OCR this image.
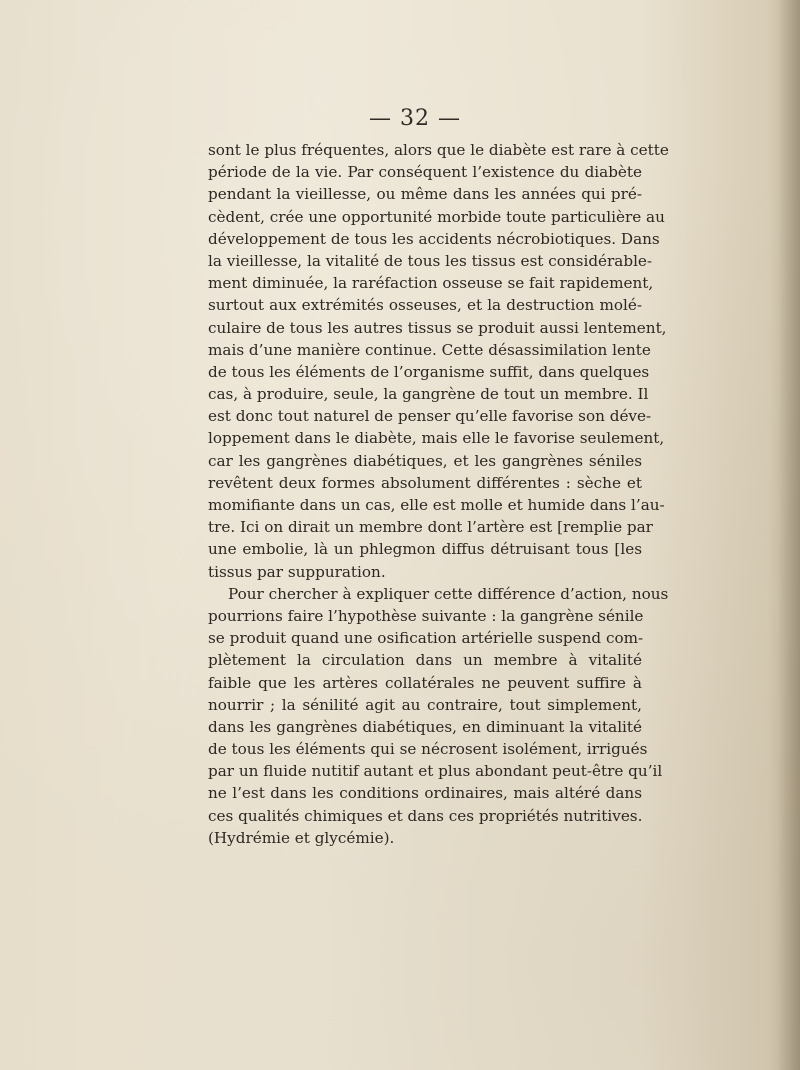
— 32 —
sont le plus fréquentes, alors que le diabète est rare à cette
période de la vie. Par conséquent l’existence du diabète
pendant la vieillesse, ou même dans les années qui pré-
cèdent, crée une opportunité morbide toute particulière au
développement de tous les accidents nécrobiotiques. Dans
la vieillesse, la vitalité de tous les tissus est considérable-
ment diminuée, la raréfaction osseuse se fait rapidement,
surtout aux extrémités osseuses, et la destruction molé-
culaire de tous les autres tissus se produit aussi lentement,
mais d’une manière continue. Cette désassimilation lente
de tous les éléments de l’organisme suffit, dans quelques
cas, à produire, seule, la gangrène de tout un membre. Il
est donc tout naturel de penser qu’elle favorise son déve-
loppement dans le diabète, mais elle le favorise seulement,
car les gangrènes diabétiques, et les gangrènes séniles
revêtent deux formes absolument différentes : sèche et
momifiante dans un cas, elle est molle et humide dans l’au-
tre. Ici on dirait un membre dont l’artère est [remplie par
une embolie, là un phlegmon diffus détruisant tous [les
tissus par suppuration.
Pour chercher à expliquer cette différence d’action, nous
pourrions faire l’hypothèse suivante : la gangrène sénile
se produit quand une osification artérielle suspend com-
plètement la circulation dans un membre à vitalité
faible que les artères collatérales ne peuvent suffire à
nourrir ; la sénilité agit au contraire, tout simplement,
dans les gangrènes diabétiques, en diminuant la vitalité
de tous les éléments qui se nécrosent isolément, irrigués
par un fluide nutitif autant et plus abondant peut-être qu’il
ne l’est dans les conditions ordinaires, mais altéré dans
ces qualités chimiques et dans ces propriétés nutritives.
(Hydrémie et glycémie).
